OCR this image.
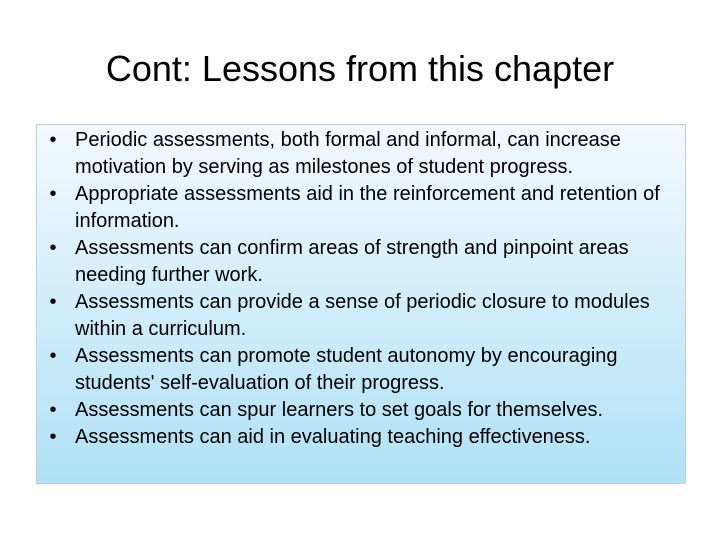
Cont: Lessons from this chapter
• Periodic assessments, both formal and informal, can increase motivation by serving as milestones of student progress.
• Appropriate assessments aid in the reinforcement and retention of information.
• Assessments can confirm areas of strength and pinpoint areas needing further work.
• Assessments can provide a sense of periodic closure to modules within a curriculum.
• Assessments can promote student autonomy by encouraging students' self-evaluation of their progress.
• Assessments can spur learners to set goals for themselves.
• Assessments can aid in evaluating teaching effectiveness.
